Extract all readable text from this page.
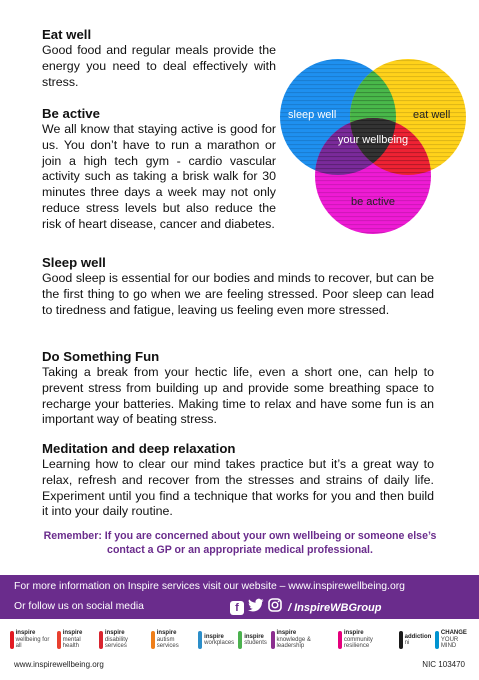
Eat well

Good food and regular meals provide the energy you need to deal effectively with stress.

Be active

We all know that staying active is good for us. You don’t have to run a marathon or join a high tech gym - cardio vascular activity such as taking a brisk walk for 30 minutes three days a week may not only reduce stress levels but also reduce the risk of heart disease, cancer and diabetes.

Sleep well

Good sleep is essential for our bodies and minds to recover, but can be the first thing to go when we are feeling stressed. Poor sleep can lead to tiredness and fatigue, leaving us feeling even more stressed.

Do Something Fun

Taking a break from your hectic life, even a short one, can help to prevent stress from building up and provide some breathing space to recharge your batteries. Making time to relax and have some fun is an important way of beating stress.

Meditation and deep relaxation

Learning how to clear our mind takes practice but it’s a great way to relax, refresh and recover from the stresses and strains of daily life. Experiment until you find a technique that works for you and then build it into your daily routine.

sleep well	eat well
your wellbeing
be active
Remember: If you are concerned about your own wellbeing or someone else’s contact a GP or an appropriate medical professional.
For more information on Inspire services visit our website – www.inspirewellbeing.org
Or follow us on social media	f	/ InspireWBGroup
inspire
wellbeing for all
inspire
mental health
inspire
disability services
inspire
autism services
inspire
workplaces
inspire
students
inspire
knowledge & leadership
inspire
community resilience
addiction
ni
CHANGE
YOUR MIND
www.inspirewellbeing.org	NIC 103470
